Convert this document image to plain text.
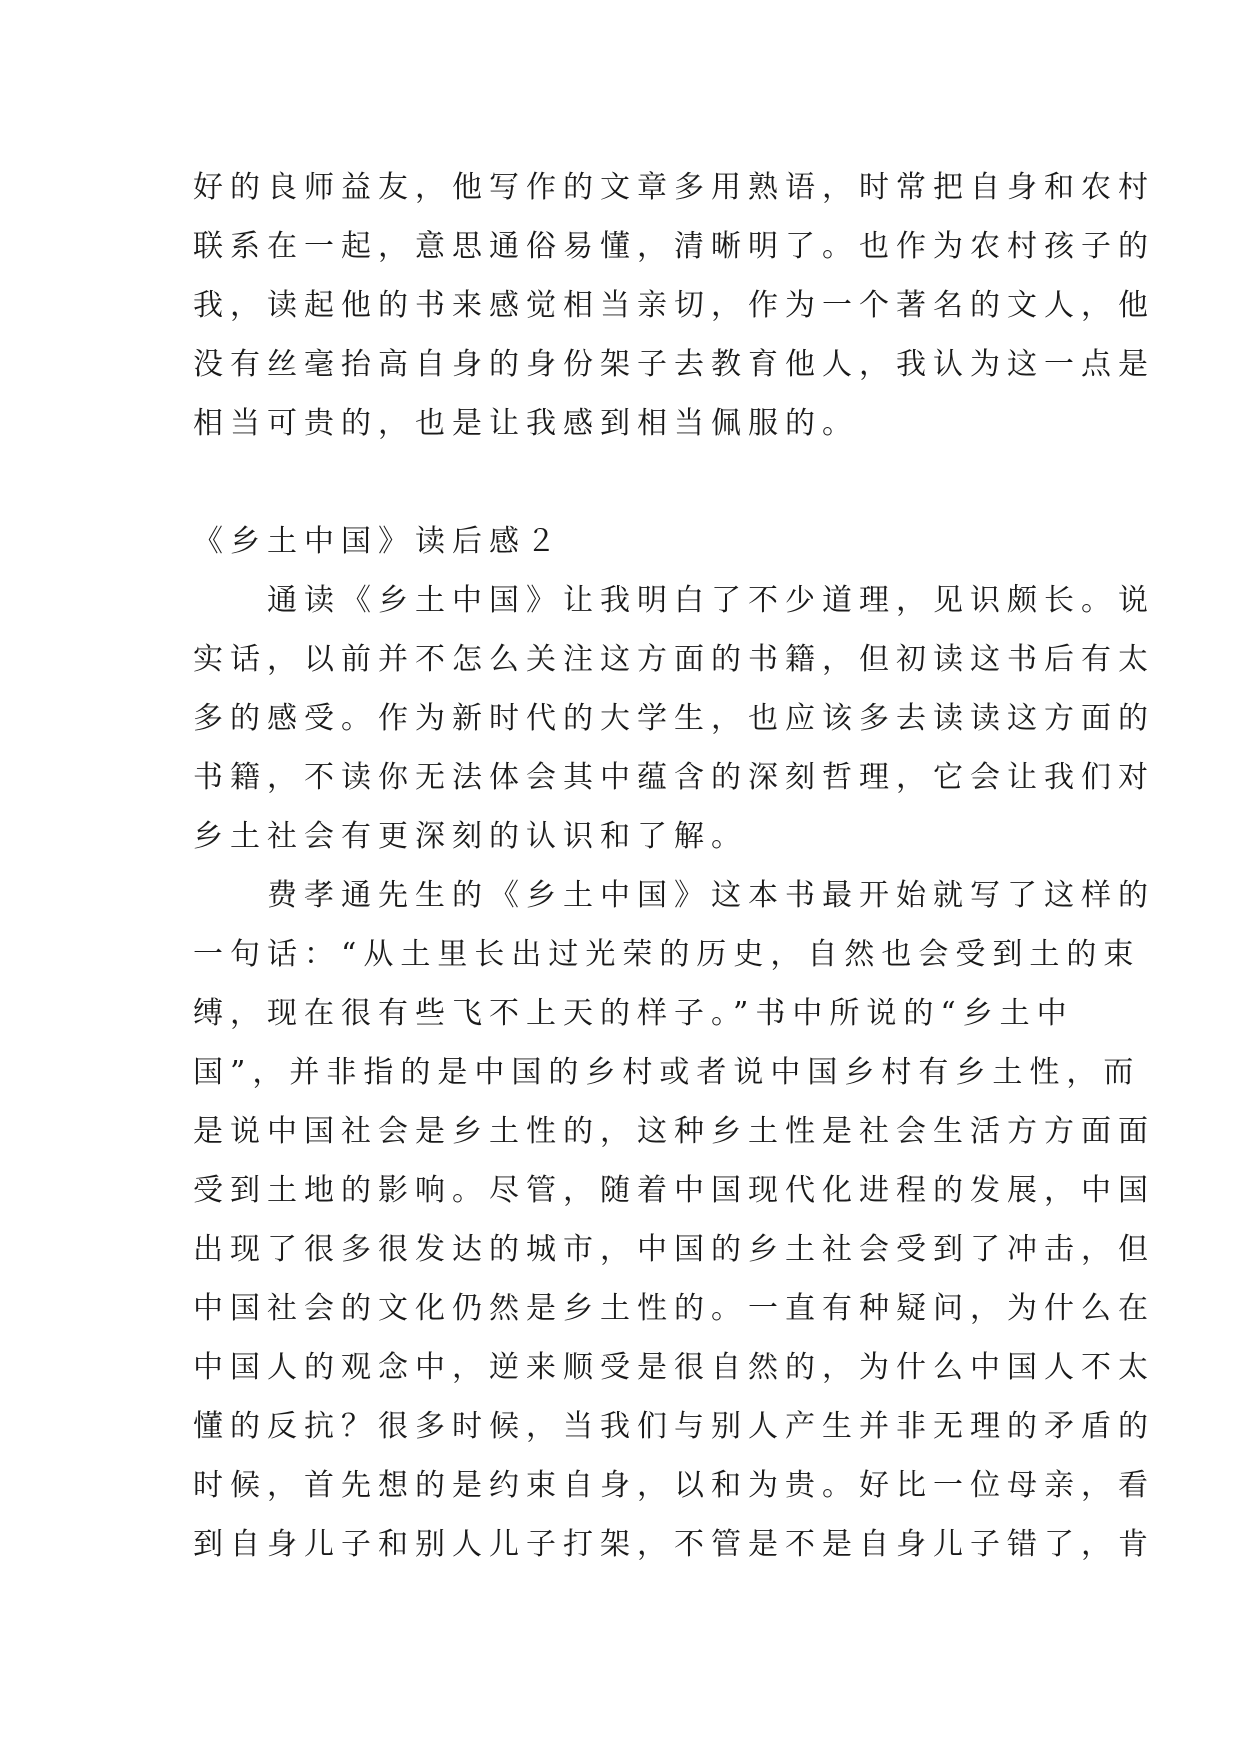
好的良师益友，他写作的文章多用熟语，时常把自身和农村
联系在一起，意思通俗易懂，清晰明了。也作为农村孩子的
我，读起他的书来感觉相当亲切，作为一个著名的文人，他
没有丝毫抬高自身的身份架子去教育他人，我认为这一点是
相当可贵的，也是让我感到相当佩服的。
《乡土中国》读后感２
　　通读《乡土中国》让我明白了不少道理，见识颇长。说
实话，以前并不怎么关注这方面的书籍，但初读这书后有太
多的感受。作为新时代的大学生，也应该多去读读这方面的
书籍，不读你无法体会其中蕴含的深刻哲理，它会让我们对
乡土社会有更深刻的认识和了解。
　　费孝通先生的《乡土中国》这本书最开始就写了这样的
一句话：“从土里长出过光荣的历史，自然也会受到土的束
缚，现在很有些飞不上天的样子。”书中所说的“乡土中
国”，并非指的是中国的乡村或者说中国乡村有乡土性，而
是说中国社会是乡土性的，这种乡土性是社会生活方方面面
受到土地的影响。尽管，随着中国现代化进程的发展，中国
出现了很多很发达的城市，中国的乡土社会受到了冲击，但
中国社会的文化仍然是乡土性的。一直有种疑问，为什么在
中国人的观念中，逆来顺受是很自然的，为什么中国人不太
懂的反抗？很多时候，当我们与别人产生并非无理的矛盾的
时候，首先想的是约束自身，以和为贵。好比一位母亲，看
到自身儿子和别人儿子打架，不管是不是自身儿子错了，肯
